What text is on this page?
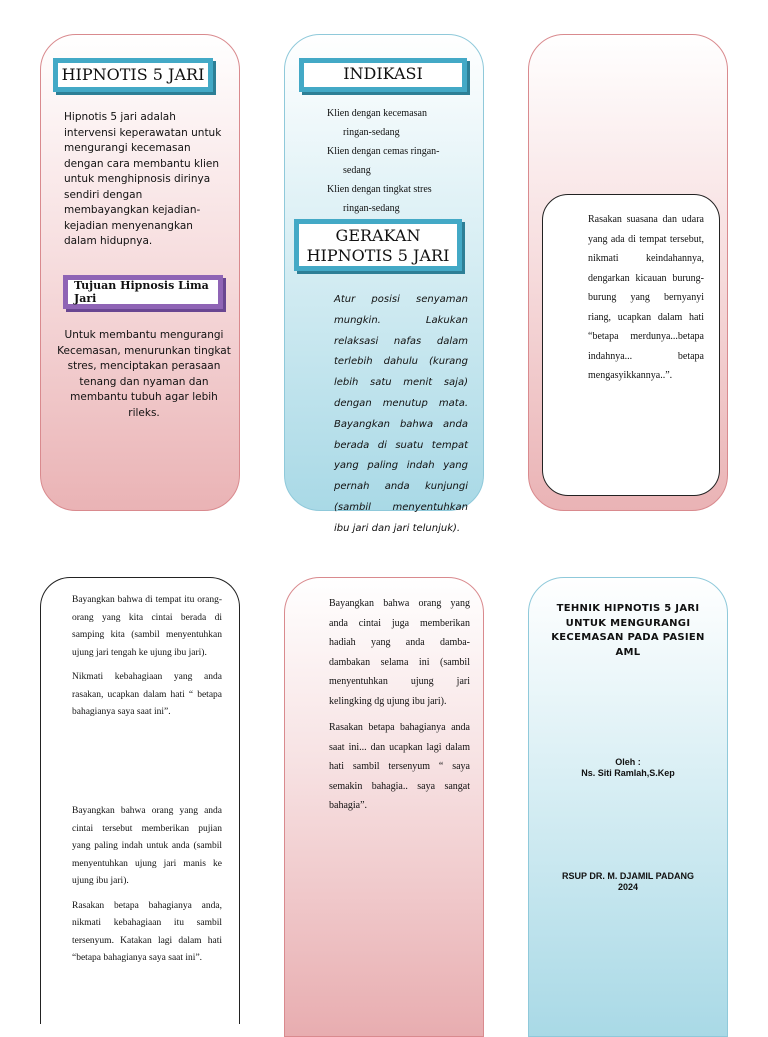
HIPNOTIS 5 JARI
Hipnotis 5 jari adalah intervensi keperawatan untuk mengurangi kecemasan dengan cara membantu klien untuk menghipnosis dirinya sendiri dengan membayangkan kejadian-kejadian menyenangkan dalam hidupnya.
Tujuan Hipnosis Lima Jari
Untuk membantu mengurangi Kecemasan, menurunkan tingkat stres, menciptakan perasaan tenang dan nyaman dan membantu tubuh agar lebih rileks.
INDIKASI
Klien dengan kecemasan
ringan-sedang
Klien dengan cemas ringan-
sedang
Klien dengan tingkat stres
ringan-sedang
GERAKAN
HIPNOTIS 5 JARI
Atur posisi senyaman mungkin. Lakukan relaksasi nafas dalam terlebih dahulu (kurang lebih satu menit saja) dengan menutup mata. Bayangkan bahwa anda berada di suatu tempat yang paling indah yang pernah anda kunjungi (sambil menyentuhkan ibu jari dan jari telunjuk).
Rasakan suasana dan udara yang ada di tempat tersebut, nikmati keindahannya, dengarkan kicauan burung-burung yang bernyanyi riang, ucapkan dalam hati “betapa merdunya...betapa indahnya... betapa mengasyikkannya..”.

Bayangkan bahwa di tempat itu orang-orang yang kita cintai berada di samping kita (sambil menyentuhkan ujung jari tengah ke ujung ibu jari).

Nikmati kebahagiaan yang anda rasakan, ucapkan dalam hati “ betapa bahagianya saya saat ini”.

Bayangkan bahwa orang yang anda cintai tersebut memberikan pujian yang paling indah untuk anda (sambil menyentuhkan ujung jari manis ke ujung ibu jari).

Rasakan betapa bahagianya anda, nikmati kebahagiaan itu sambil tersenyum. Katakan lagi dalam hati “betapa bahagianya saya saat ini”.

Bayangkan bahwa orang yang anda cintai juga memberikan hadiah yang anda damba-dambakan selama ini (sambil menyentuhkan ujung jari kelingking dg ujung ibu jari).

Rasakan betapa bahagianya anda saat ini... dan ucapkan lagi dalam hati sambil tersenyum “ saya semakin bahagia.. saya sangat bahagia”.

TEHNIK HIPNOTIS 5 JARI UNTUK MENGURANGI KECEMASAN PADA PASIEN AML
Oleh :
Ns. Siti Ramlah,S.Kep
RSUP DR. M. DJAMIL PADANG
2024
